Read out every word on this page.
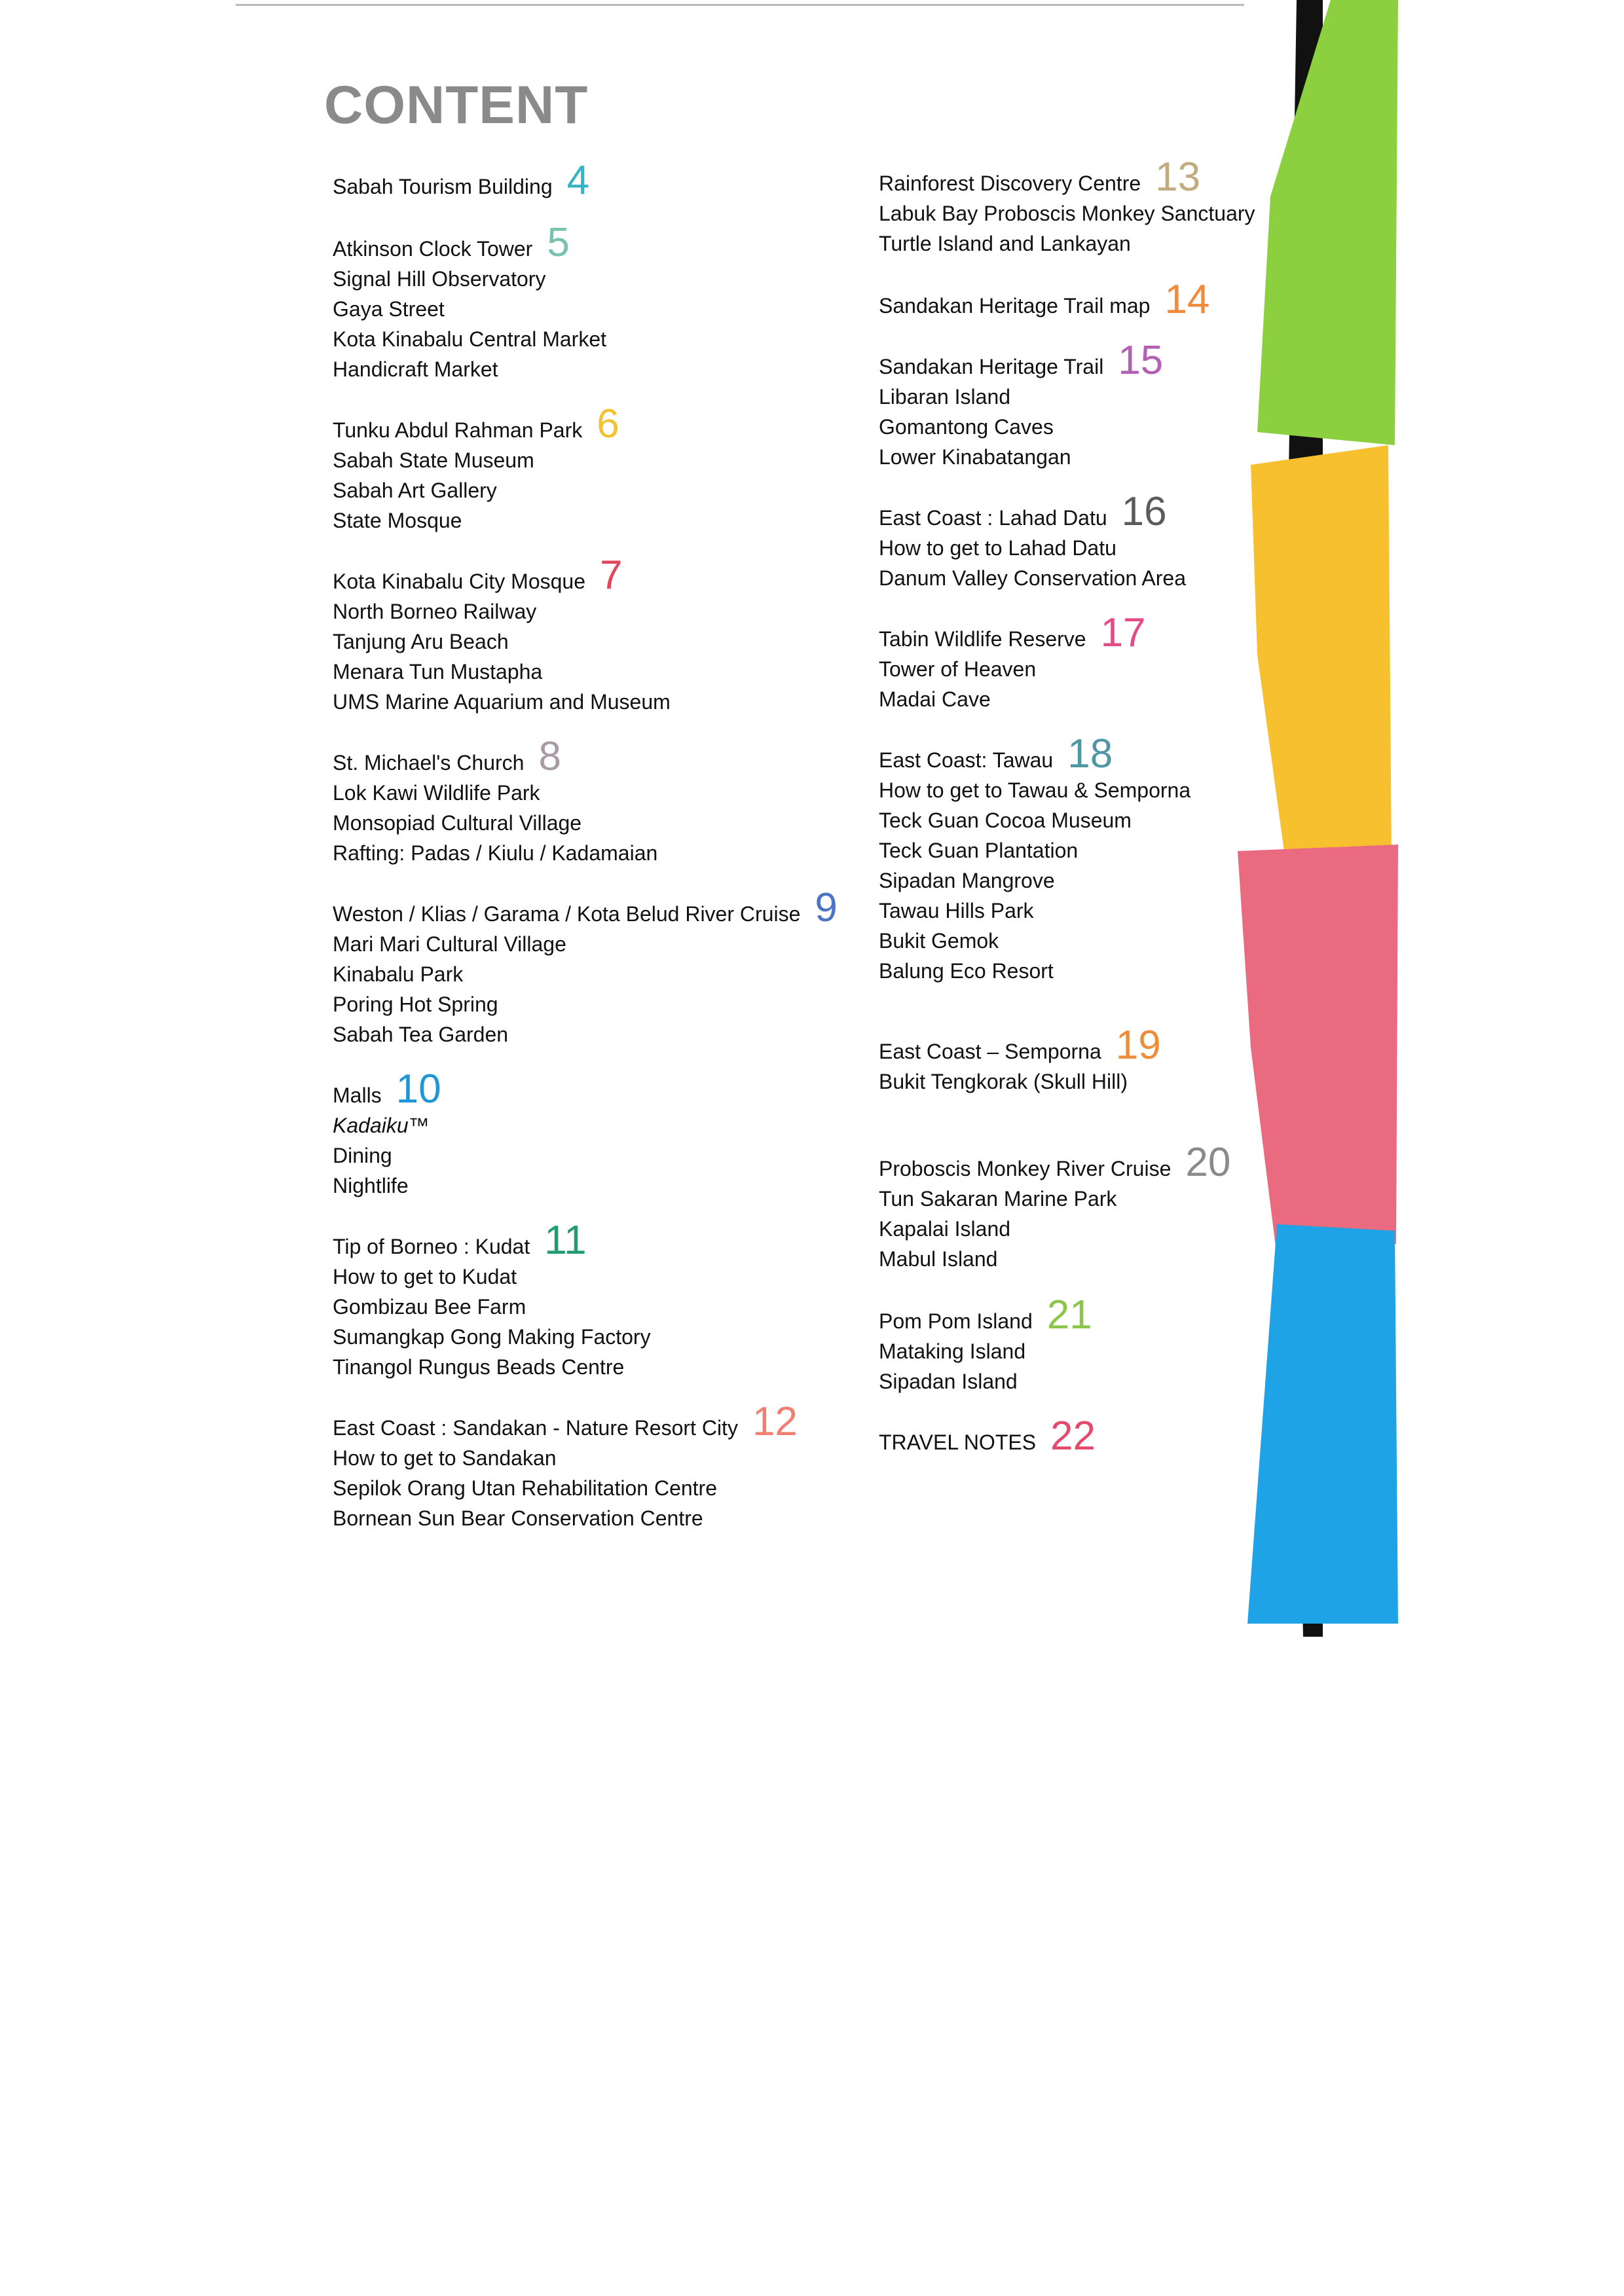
CONTENT
Sabah Tourism Building 4
Atkinson Clock Tower 5
Signal Hill Observatory
Gaya Street
Kota Kinabalu Central Market
Handicraft Market
Tunku Abdul Rahman Park 6
Sabah State Museum
Sabah Art Gallery
State Mosque
Kota Kinabalu City Mosque 7
North Borneo Railway
Tanjung Aru Beach
Menara Tun Mustapha
UMS Marine Aquarium and Museum
St. Michael's Church 8
Lok Kawi Wildlife Park
Monsopiad Cultural Village
Rafting: Padas / Kiulu / Kadamaian
Weston / Klias / Garama / Kota Belud River Cruise 9
Mari Mari Cultural Village
Kinabalu Park
Poring Hot Spring
Sabah Tea Garden
Malls 10
Kadaiku™
Dining
Nightlife
Tip of Borneo : Kudat 11
How to get to Kudat
Gombizau Bee Farm
Sumangkap Gong Making Factory
Tinangol Rungus Beads Centre
East Coast : Sandakan - Nature Resort City 12
How to get to Sandakan
Sepilok Orang Utan Rehabilitation Centre
Bornean Sun Bear Conservation Centre
Rainforest Discovery Centre 13
Labuk Bay Proboscis Monkey Sanctuary
Turtle Island and Lankayan
Sandakan Heritage Trail map 14
Sandakan Heritage Trail 15
Libaran Island
Gomantong Caves
Lower Kinabatangan
East Coast : Lahad Datu 16
How to get to Lahad Datu
Danum Valley Conservation Area
Tabin Wildlife Reserve 17
Tower of Heaven
Madai Cave
East Coast: Tawau 18
How to get to Tawau & Semporna
Teck Guan Cocoa Museum
Teck Guan Plantation
Sipadan Mangrove
Tawau Hills Park
Bukit Gemok
Balung Eco Resort
East Coast – Semporna 19
Bukit Tengkorak (Skull Hill)
Proboscis Monkey River Cruise 20
Tun Sakaran Marine Park
Kapalai Island
Mabul Island
Pom Pom Island 21
Mataking Island
Sipadan Island
TRAVEL NOTES 22
